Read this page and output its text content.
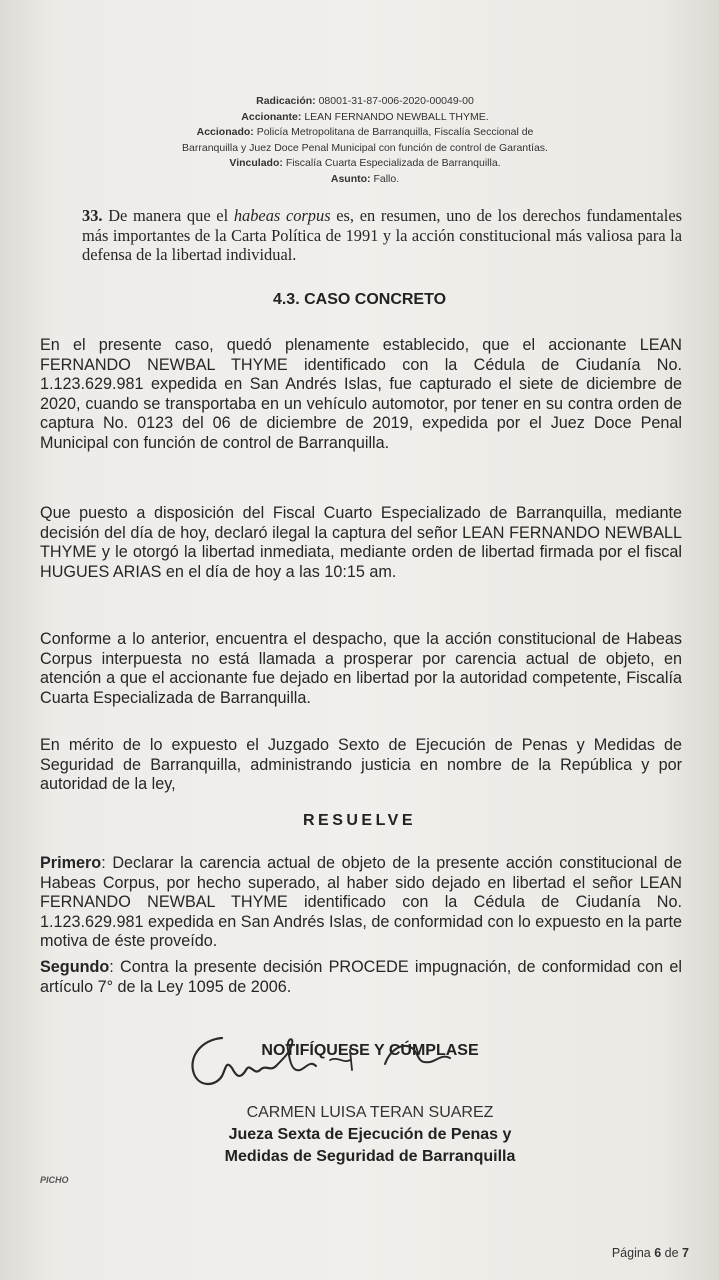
Radicación: 08001-31-87-006-2020-00049-00
Accionante: LEAN FERNANDO NEWBALL THYME.
Accionado: Policía Metropolitana de Barranquilla, Fiscalía Seccional de
Barranquilla y Juez Doce Penal Municipal con función de control de Garantías.
Vinculado: Fiscalía Cuarta Especializada de Barranquilla.
Asunto: Fallo.
33. De manera que el habeas corpus es, en resumen, uno de los derechos fundamentales más importantes de la Carta Política de 1991 y la acción constitucional más valiosa para la defensa de la libertad individual.
4.3. CASO CONCRETO
En el presente caso, quedó plenamente establecido, que el accionante LEAN FERNANDO NEWBAL THYME identificado con la Cédula de Ciudanía No. 1.123.629.981 expedida en San Andrés Islas, fue capturado el siete de diciembre de 2020, cuando se transportaba en un vehículo automotor, por tener en su contra orden de captura No. 0123 del 06 de diciembre de 2019, expedida por el Juez Doce Penal Municipal con función de control de Barranquilla.
Que puesto a disposición del Fiscal Cuarto Especializado de Barranquilla, mediante decisión del día de hoy, declaró ilegal la captura del señor LEAN FERNANDO NEWBALL THYME y le otorgó la libertad inmediata, mediante orden de libertad firmada por el fiscal HUGUES ARIAS en el día de hoy a las 10:15 am.
Conforme a lo anterior, encuentra el despacho, que la acción constitucional de Habeas Corpus interpuesta no está llamada a prosperar por carencia actual de objeto, en atención a que el accionante fue dejado en libertad por la autoridad competente, Fiscalía Cuarta Especializada de Barranquilla.
En mérito de lo expuesto el Juzgado Sexto de Ejecución de Penas y Medidas de Seguridad de Barranquilla, administrando justicia en nombre de la República y por autoridad de la ley,
RESUELVE
Primero: Declarar la carencia actual de objeto de la presente acción constitucional de Habeas Corpus, por hecho superado, al haber sido dejado en libertad el señor LEAN FERNANDO NEWBAL THYME identificado con la Cédula de Ciudanía No. 1.123.629.981 expedida en San Andrés Islas, de conformidad con lo expuesto en la parte motiva de éste proveído.
Segundo: Contra la presente decisión PROCEDE impugnación, de conformidad con el artículo 7° de la Ley 1095 de 2006.
NOTIFÍQUESE Y CÚMPLASE
CARMEN LUISA TERAN SUAREZ
Jueza Sexta de Ejecución de Penas y
Medidas de Seguridad de Barranquilla
PICHO
Página 6 de 7
